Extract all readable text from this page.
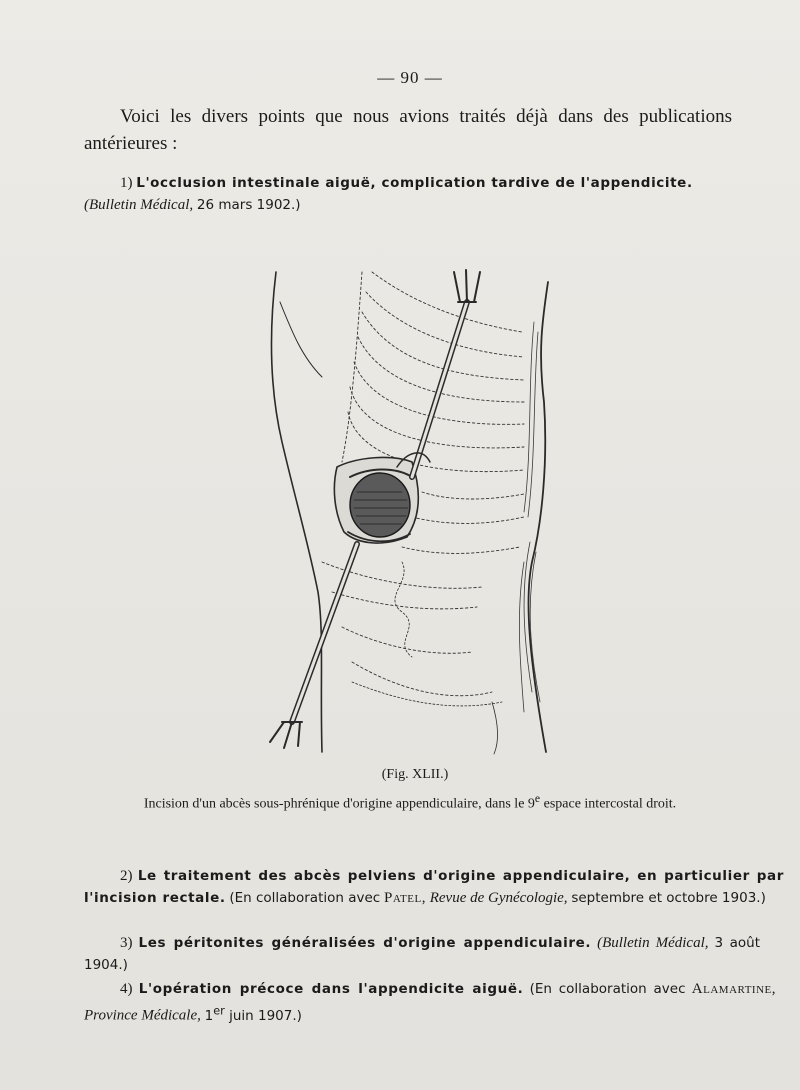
— 90 —

Voici les divers points que nous avions traités déjà dans des publications antérieures :

1) L'occlusion intestinale aiguë, complication tardive de l'appendicite.
(Bulletin Médical, 26 mars 1902.)

(Fig. XLII.)

Incision d'un abcès sous-phrénique d'origine appendiculaire, dans le 9e espace intercostal droit.

2) Le traitement des abcès pelviens d'origine appendiculaire, en particulier par l'incision rectale. (En collaboration avec Patel, Revue de Gynécologie, septembre et octobre 1903.)

3) Les péritonites généralisées d'origine appendiculaire. (Bulletin Médical, 3 août 1904.)

4) L'opération précoce dans l'appendicite aiguë. (En collaboration avec Alamartine, Province Médicale, 1er juin 1907.)
